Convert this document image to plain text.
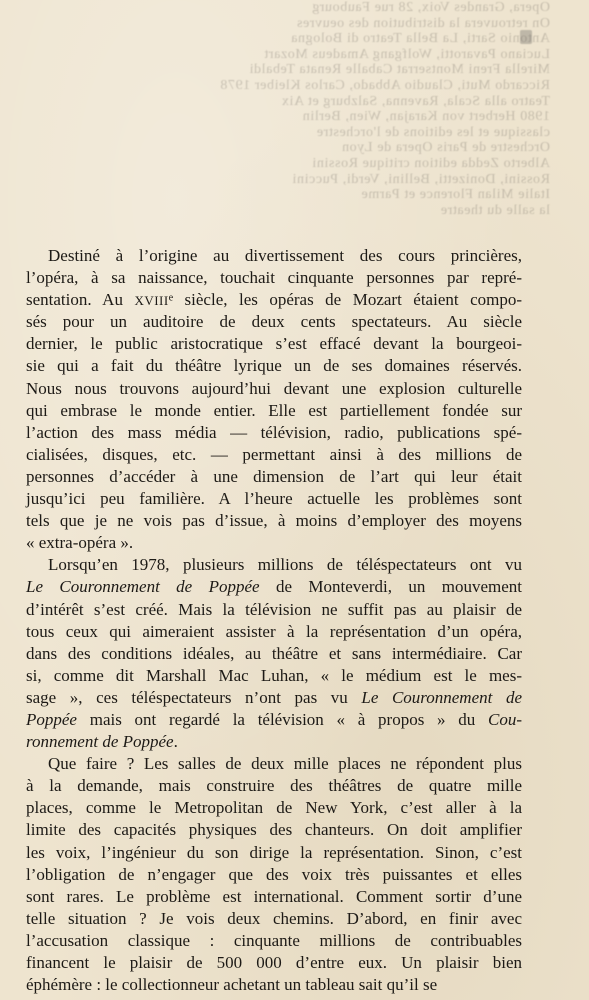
Opera, Grandes Voix, 28 rue Faubourg
On retrouvera la distribution des oeuvres
Antonio Sarti, La Bella Teatro di Bologna
Luciano Pavarotti, Wolfgang Amadeus Mozart
Mirella Freni Montserrat Caballe Renata Tebaldi
Riccardo Muti, Claudio Abbado, Carlos Kleiber 1978
Teatro alla Scala, Ravenna, Salzburg et Aix
1980 Herbert von Karajan, Wien, Berlin
classique et les editions de l'orchestre
Orchestre de Paris Opera de Lyon
Alberto Zedda edition critique Rossini
Rossini, Donizetti, Bellini, Verdi, Puccini
Italie Milan Florence et Parme
la salle du theatre
Destiné à l’origine au divertissement des cours princières,
l’opéra, à sa naissance, touchait cinquante personnes par repré-
sentation. Au XVIIIᵉ siècle, les opéras de Mozart étaient compo-
sés pour un auditoire de deux cents spectateurs. Au siècle
dernier, le public aristocratique s’est effacé devant la bourgeoi-
sie qui a fait du théâtre lyrique un de ses domaines réservés.
Nous nous trouvons aujourd’hui devant une explosion culturelle
qui embrase le monde entier. Elle est partiellement fondée sur
l’action des mass média — télévision, radio, publications spé-
cialisées, disques, etc. — permettant ainsi à des millions de
personnes d’accéder à une dimension de l’art qui leur était
jusqu’ici peu familière. A l’heure actuelle les problèmes sont
tels que je ne vois pas d’issue, à moins d’employer des moyens
« extra-opéra ».
Lorsqu’en 1978, plusieurs millions de téléspectateurs ont vu
Le Couronnement de Poppée de Monteverdi, un mouvement
d’intérêt s’est créé. Mais la télévision ne suffit pas au plaisir de
tous ceux qui aimeraient assister à la représentation d’un opéra,
dans des conditions idéales, au théâtre et sans intermédiaire. Car
si, comme dit Marshall Mac Luhan, « le médium est le mes-
sage », ces téléspectateurs n’ont pas vu Le Couronnement de
Poppée mais ont regardé la télévision « à propos » du Cou-
ronnement de Poppée.
Que faire ? Les salles de deux mille places ne répondent plus
à la demande, mais construire des théâtres de quatre mille
places, comme le Metropolitan de New York, c’est aller à la
limite des capacités physiques des chanteurs. On doit amplifier
les voix, l’ingénieur du son dirige la représentation. Sinon, c’est
l’obligation de n’engager que des voix très puissantes et elles
sont rares. Le problème est international. Comment sortir d’une
telle situation ? Je vois deux chemins. D’abord, en finir avec
l’accusation classique : cinquante millions de contribuables
financent le plaisir de 500 000 d’entre eux. Un plaisir bien
éphémère : le collectionneur achetant un tableau sait qu’il se
